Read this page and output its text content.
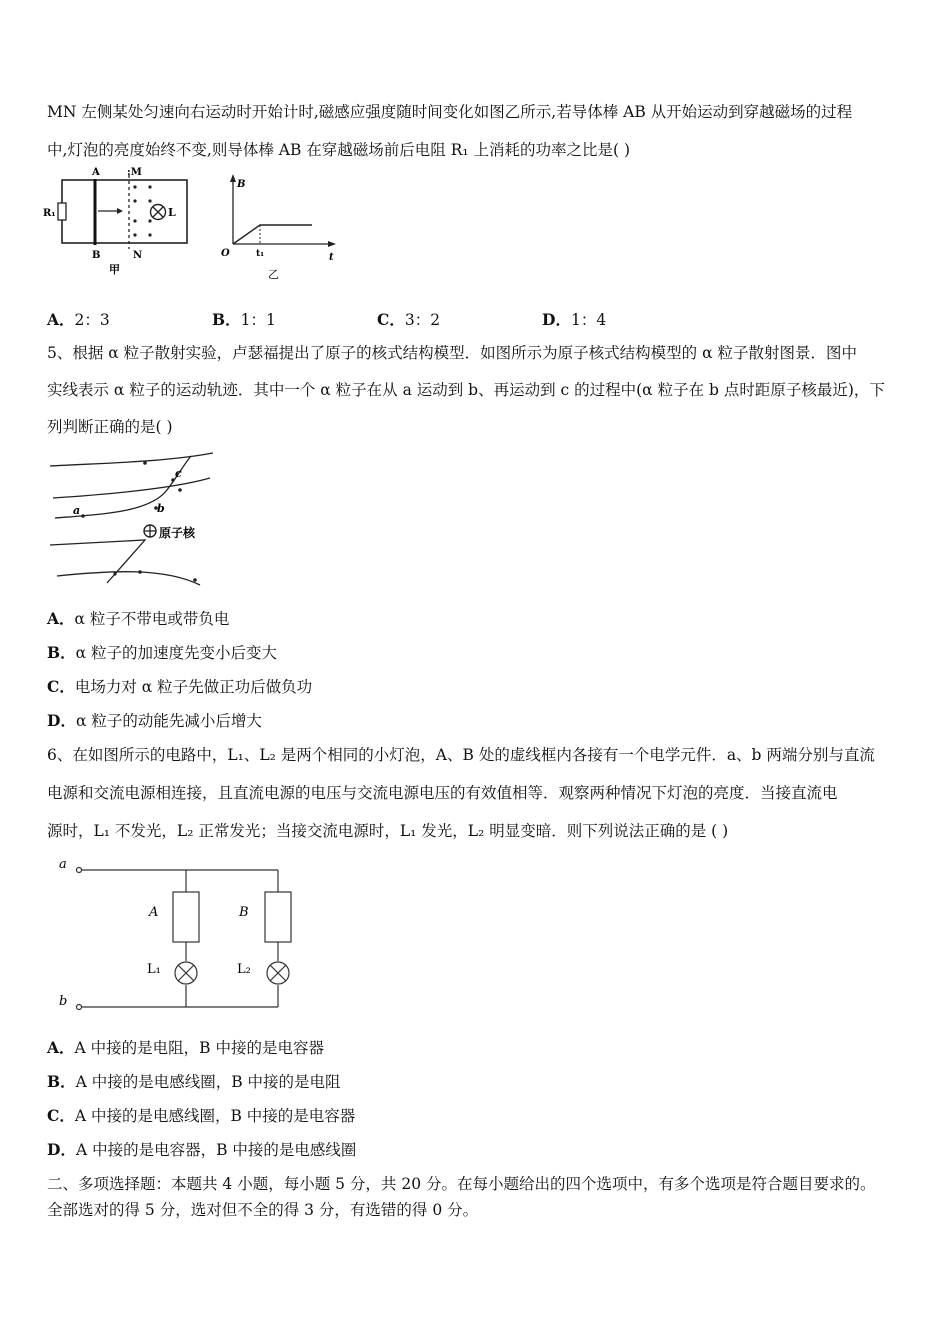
MN 左侧某处匀速向右运动时开始计时,磁感应强度随时间变化如图乙所示,若导体棒 AB 从开始运动到穿越磁场的过程
中,灯泡的亮度始终不变,则导体棒 AB 在穿越磁场前后电阻 R₁ 上消耗的功率之比是( )
A	:M
B	N
R₁	L
甲
B
t
O	t₁
乙
A．2：3	B．1：1	C．3：2	D．1：4
5、根据 α 粒子散射实验，卢瑟福提出了原子的核式结构模型．如图所示为原子核式结构模型的 α 粒子散射图景．图中
实线表示 α 粒子的运动轨迹．其中一个 α 粒子在从 a 运动到 b、再运动到 c 的过程中(α 粒子在 b 点时距原子核最近)，下
列判断正确的是( )
a	b
c
原子核
A．α 粒子不带电或带负电
B．α 粒子的加速度先变小后变大
C．电场力对 α 粒子先做正功后做负功
D．α 粒子的动能先减小后增大
6、在如图所示的电路中，L₁、L₂ 是两个相同的小灯泡，A、B 处的虚线框内各接有一个电学元件．a、b 两端分别与直流
电源和交流电源相连接，且直流电源的电压与交流电源电压的有效值相等．观察两种情况下灯泡的亮度．当接直流电
源时，L₁ 不发光，L₂ 正常发光；当接交流电源时，L₁ 发光，L₂ 明显变暗．则下列说法正确的是 ( )
a
b
A	B
L₁	L₂
A．A 中接的是电阻，B 中接的是电容器
B．A 中接的是电感线圈，B 中接的是电阻
C．A 中接的是电感线圈，B 中接的是电容器
D．A 中接的是电容器，B 中接的是电感线圈
二、多项选择题：本题共 4 小题，每小题 5 分，共 20 分。在每小题给出的四个选项中，有多个选项是符合题目要求的。
全部选对的得 5 分，选对但不全的得 3 分，有选错的得 0 分。
